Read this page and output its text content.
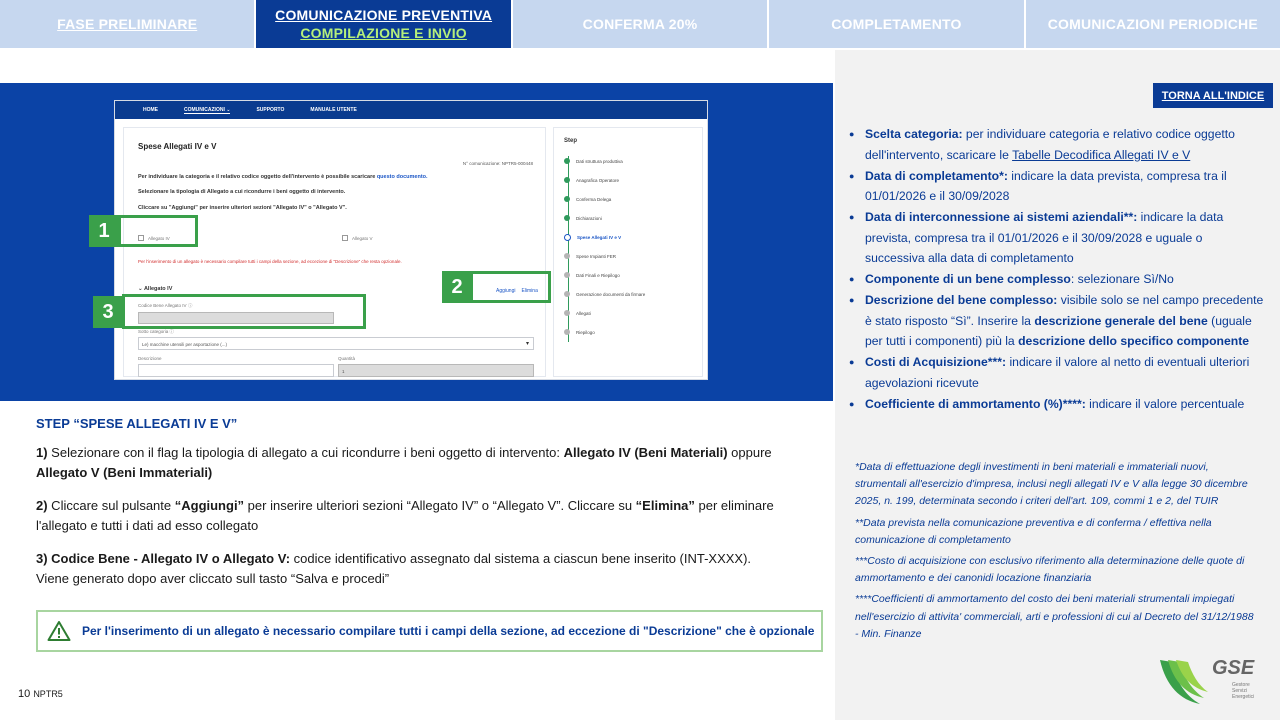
FASE PRELIMINARE
COMUNICAZIONE PREVENTIVA
COMPILAZIONE E INVIO
CONFERMA 20%	COMPLETAMENTO	COMUNICAZIONI PERIODICHE
HOME	COMUNICAZIONI ⌄	SUPPORTO	MANUALE UTENTE
Spese Allegati IV e V
N° comunicazione: NPTR5-000448
Per individuare la categoria e il relativo codice oggetto dell'intervento è possibile scaricare questo documento.
Selezionare la tipologia di Allegato a cui ricondurre i beni oggetto di intervento.
Cliccare su "Aggiungi" per inserire ulteriori sezioni "Allegato IV" o "Allegato V".
Allegato IV	Allegato V
Per l'inserimento di un allegato è necessario compilare tutti i campi della sezione, ad eccezione di "Descrizione" che resta opzionale.
⌄ Allegato IV	Aggiungi Elimina
Codice Bene Allegato IV ⓘ
Sotto categoria ⓘ
Le) macchine utensili per asportazione (...)	▾
Descrizione	Quantità
1
Step
Dati struttura produttiva
Anagrafica Operatore
Conferma Delega
Dichiarazioni
Spese Allegati IV e V
Spese Impianti FER
Dati Finali e Riepilogo
Generazione documenti da firmare
Allegati
Riepilogo
1
2
3
STEP “SPESE ALLEGATI IV E V”
1) Selezionare con il flag la tipologia di allegato a cui ricondurre i beni oggetto di intervento: Allegato IV (Beni Materiali) oppure Allegato V (Beni Immateriali)
2) Cliccare sul pulsante “Aggiungi” per inserire ulteriori sezioni “Allegato IV” o “Allegato V”. Cliccare su “Elimina” per eliminare l'allegato e tutti i dati ad esso collegato
3) Codice Bene - Allegato IV o Allegato V: codice identificativo assegnato dal sistema a ciascun bene inserito (INT-XXXX).
Viene generato dopo aver cliccato sull tasto “Salva e procedi”
Per l'inserimento di un allegato è necessario compilare tutti i campi della sezione, ad eccezione di "Descrizione" che è opzionale
10 NPTR5
TORNA ALL'INDICE
● Scelta categoria: per individuare categoria e relativo codice oggetto dell'intervento, scaricare le Tabelle Decodifica Allegati IV e V
● Data di completamento*: indicare la data prevista, compresa tra il 01/01/2026 e il 30/09/2028
● Data di interconnessione ai sistemi aziendali**: indicare la data prevista, compresa tra il 01/01/2026 e il 30/09/2028 e uguale o successiva alla data di completamento
● Componente di un bene complesso: selezionare Sì/No
● Descrizione del bene complesso: visibile solo se nel campo precedente è stato risposto “Sì”. Inserire la descrizione generale del bene (uguale per tutti i componenti) più la descrizione dello specifico componente
● Costi di Acquisizione***: indicare il valore al netto di eventuali ulteriori agevolazioni ricevute
● Coefficiente di ammortamento (%)****: indicare il valore percentuale
*Data di effettuazione degli investimenti in beni materiali e immateriali nuovi, strumentali all'esercizio d'impresa, inclusi negli allegati IV e V alla legge 30 dicembre 2025, n. 199, determinata secondo i criteri dell'art. 109, commi 1 e 2, del TUIR
**Data prevista nella comunicazione preventiva e di conferma / effettiva nella comunicazione di completamento
***Costo di acquisizione con esclusivo riferimento alla determinazione delle quote di ammortamento e dei canonidi locazione finanziaria
****Coefficienti di ammortamento del costo dei beni materiali strumentali impiegati nell'esercizio di attivita' commerciali, arti e professioni di cui al Decreto del 31/12/1988 - Min. Finanze
GSE
Gestore
Servizi
Energetici
